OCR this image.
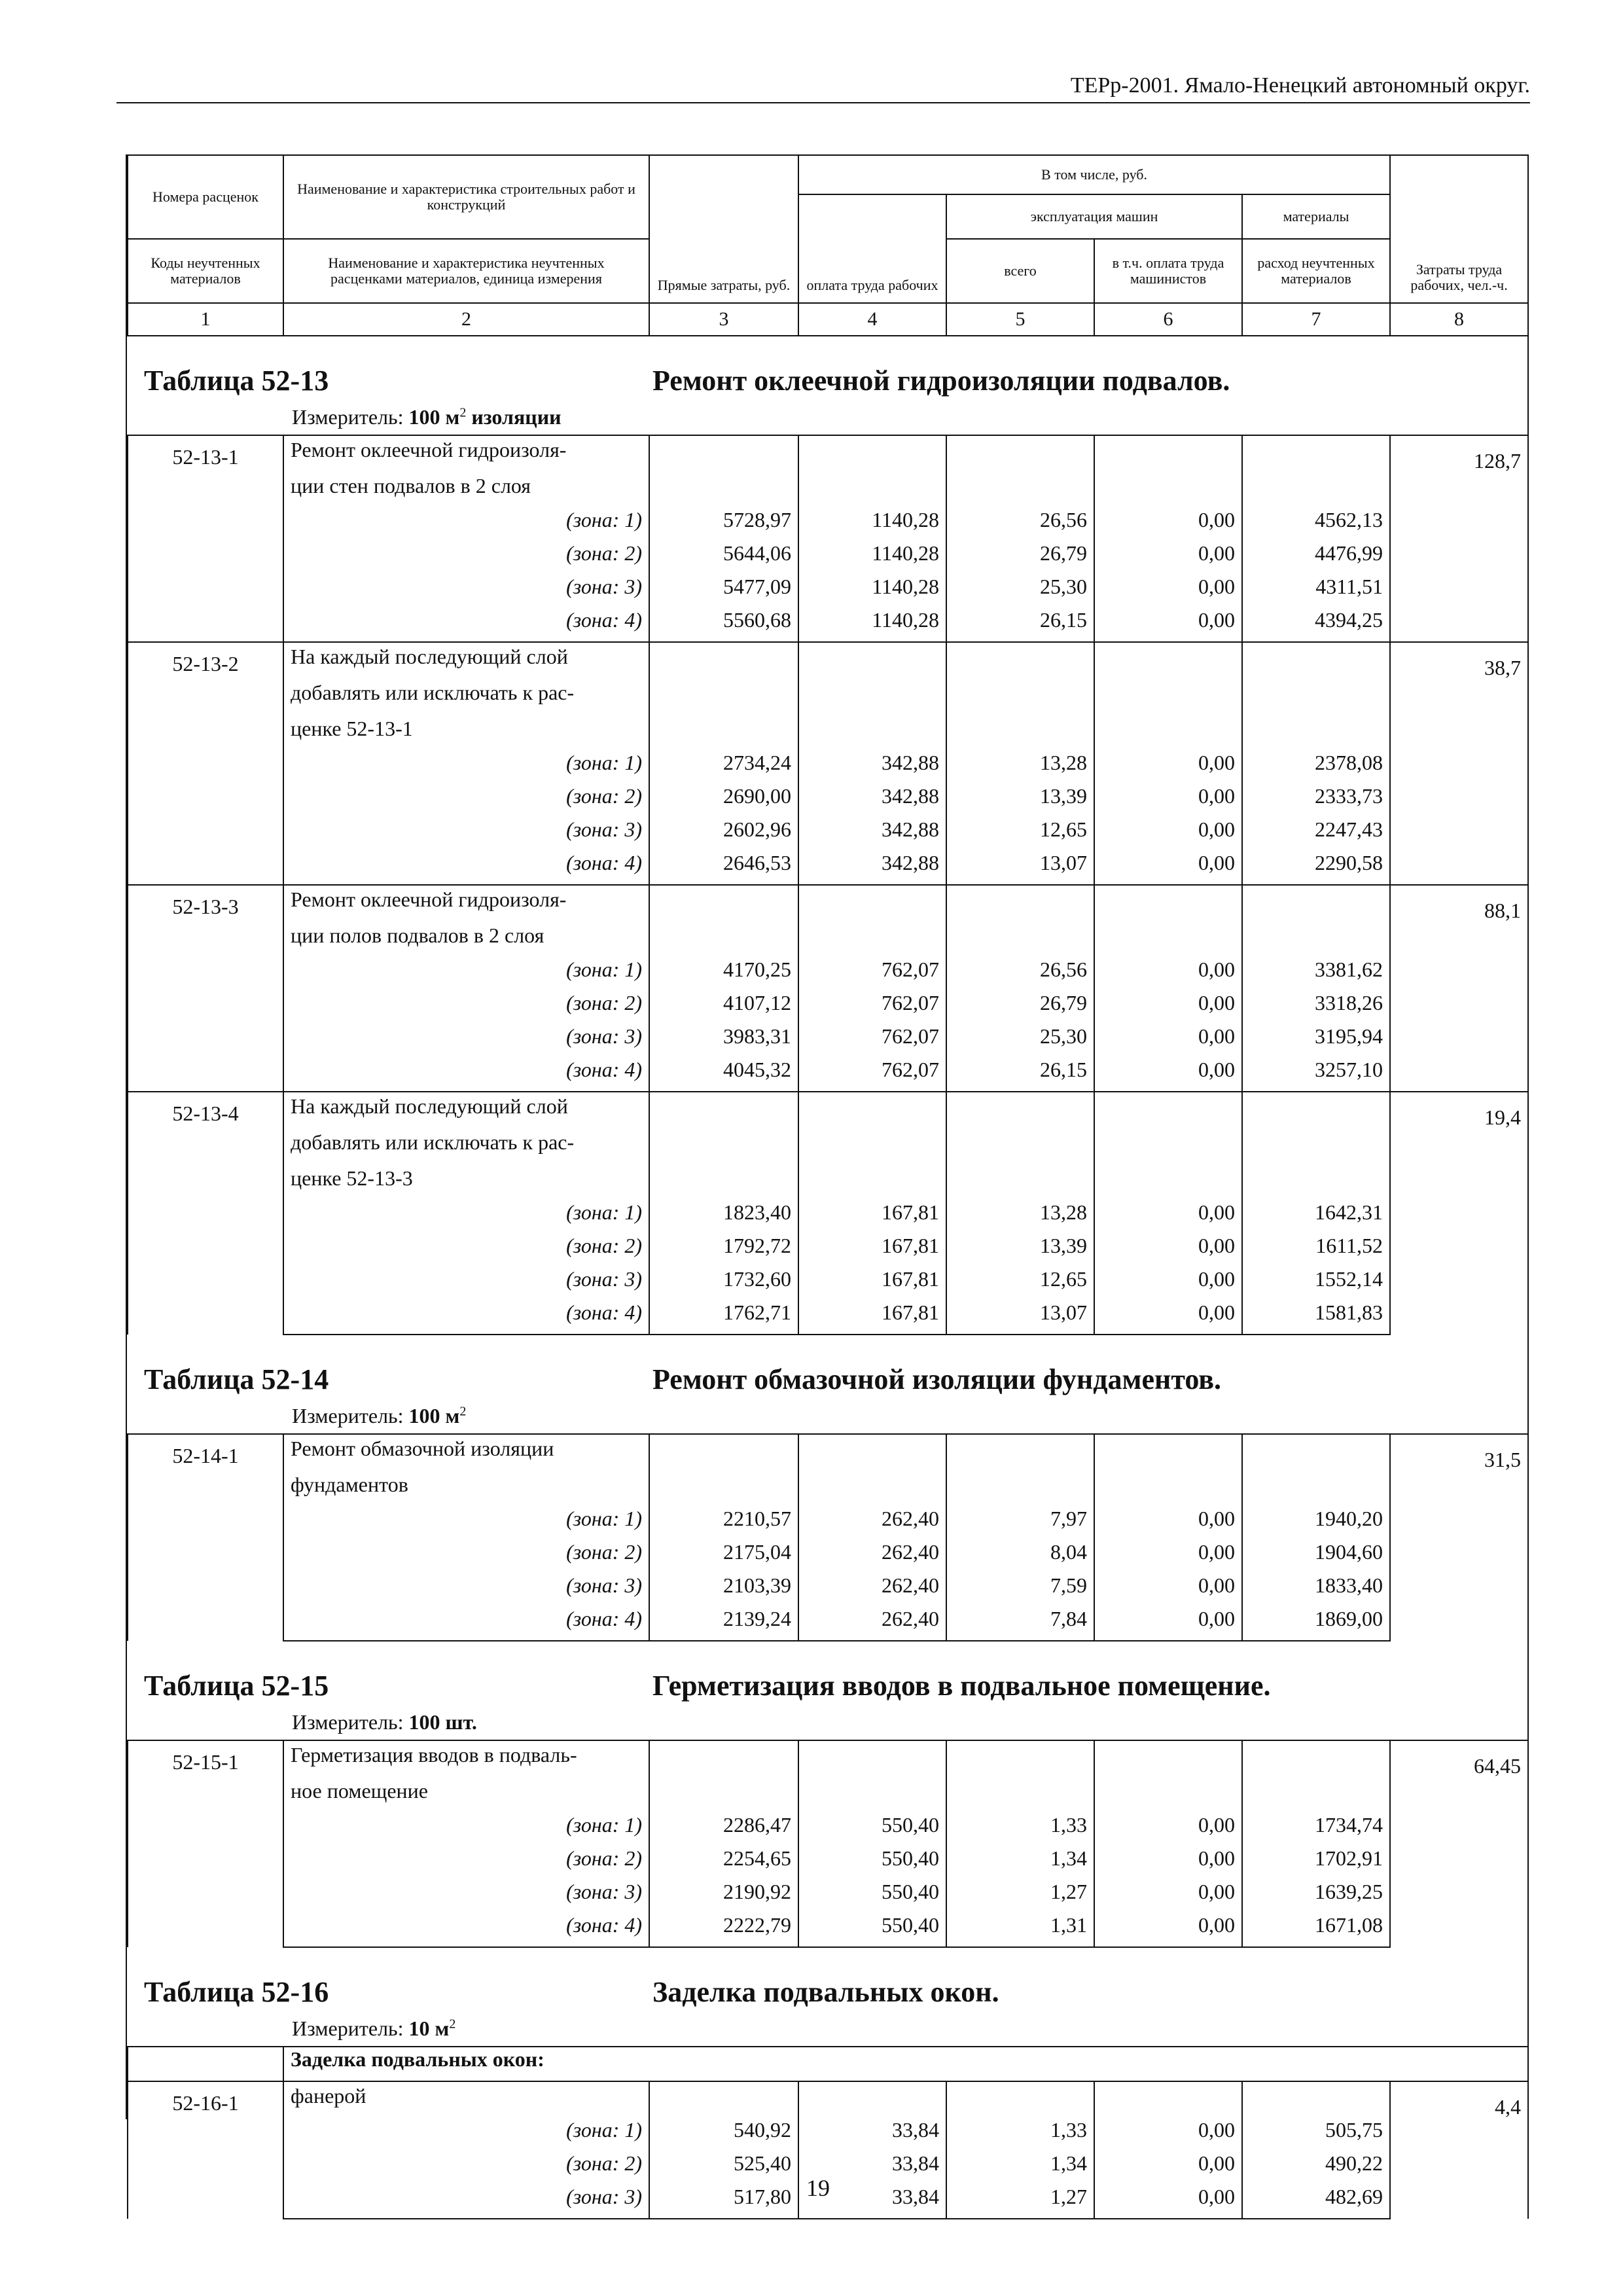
ТЕРр-2001. Ямало-Ненецкий автономный округ.
Номера расценок	Наименование и характеристика строительных работ и конструкций	Прямые затраты, руб.	В том числе, руб.				Затраты труда рабочих, чел.-ч.
			оплата труда рабочих	эксплуатация машин		материалы	
Коды неучтенных материалов	Наименование и характеристика неучтенных расценками материалов, единица измерения			всего	в т.ч. оплата труда машинистов	расход неучтенных материалов	
1	2	3	4	5	6	7	8
Таблица 52-13	Ремонт оклеечной гидроизоляции подвалов.
Измеритель: 100 $м^2$ изоляции
52-13-1	Ремонт оклеечной гидроизоля-						128,7
	ции стен подвалов в 2 слоя						
	(зона: 1)	5728,97	1140,28	26,56	0,00	4562,13	
	(зона: 2)	5644,06	1140,28	26,79	0,00	4476,99	
	(зона: 3)	5477,09	1140,28	25,30	0,00	4311,51	
	(зона: 4)	5560,68	1140,28	26,15	0,00	4394,25	
52-13-2	На каждый последующий слой						38,7
	добавлять или исключать к рас-						
	ценке 52-13-1						
	(зона: 1)	2734,24	342,88	13,28	0,00	2378,08	
	(зона: 2)	2690,00	342,88	13,39	0,00	2333,73	
	(зона: 3)	2602,96	342,88	12,65	0,00	2247,43	
	(зона: 4)	2646,53	342,88	13,07	0,00	2290,58	
52-13-3	Ремонт оклеечной гидроизоля-						88,1
	ции полов подвалов в 2 слоя						
	(зона: 1)	4170,25	762,07	26,56	0,00	3381,62	
	(зона: 2)	4107,12	762,07	26,79	0,00	3318,26	
	(зона: 3)	3983,31	762,07	25,30	0,00	3195,94	
	(зона: 4)	4045,32	762,07	26,15	0,00	3257,10	
52-13-4	На каждый последующий слой						19,4
	добавлять или исключать к рас-						
	ценке 52-13-3						
	(зона: 1)	1823,40	167,81	13,28	0,00	1642,31	
	(зона: 2)	1792,72	167,81	13,39	0,00	1611,52	
	(зона: 3)	1732,60	167,81	12,65	0,00	1552,14	
	(зона: 4)	1762,71	167,81	13,07	0,00	1581,83	
Таблица 52-14	Ремонт обмазочной изоляции фундаментов.
Измеритель: 100 $м^2$
52-14-1	Ремонт обмазочной изоляции						31,5
	фундаментов						
	(зона: 1)	2210,57	262,40	7,97	0,00	1940,20	
	(зона: 2)	2175,04	262,40	8,04	0,00	1904,60	
	(зона: 3)	2103,39	262,40	7,59	0,00	1833,40	
	(зона: 4)	2139,24	262,40	7,84	0,00	1869,00	
Таблица 52-15	Герметизация вводов в подвальное помещение.
Измеритель: 100 шт.
52-15-1	Герметизация вводов в подваль-						64,45
	ное помещение						
	(зона: 1)	2286,47	550,40	1,33	0,00	1734,74	
	(зона: 2)	2254,65	550,40	1,34	0,00	1702,91	
	(зона: 3)	2190,92	550,40	1,27	0,00	1639,25	
	(зона: 4)	2222,79	550,40	1,31	0,00	1671,08	
Таблица 52-16	Заделка подвальных окон.
Измеритель: 10 $м^2$
	Заделка подвальных окон:						
52-16-1	фанерой						4,4
	(зона: 1)	540,92	33,84	1,33	0,00	505,75	
	(зона: 2)	525,40	33,84	1,34	0,00	490,22	
	(зона: 3)	517,80	33,84	1,27	0,00	482,69	
19
